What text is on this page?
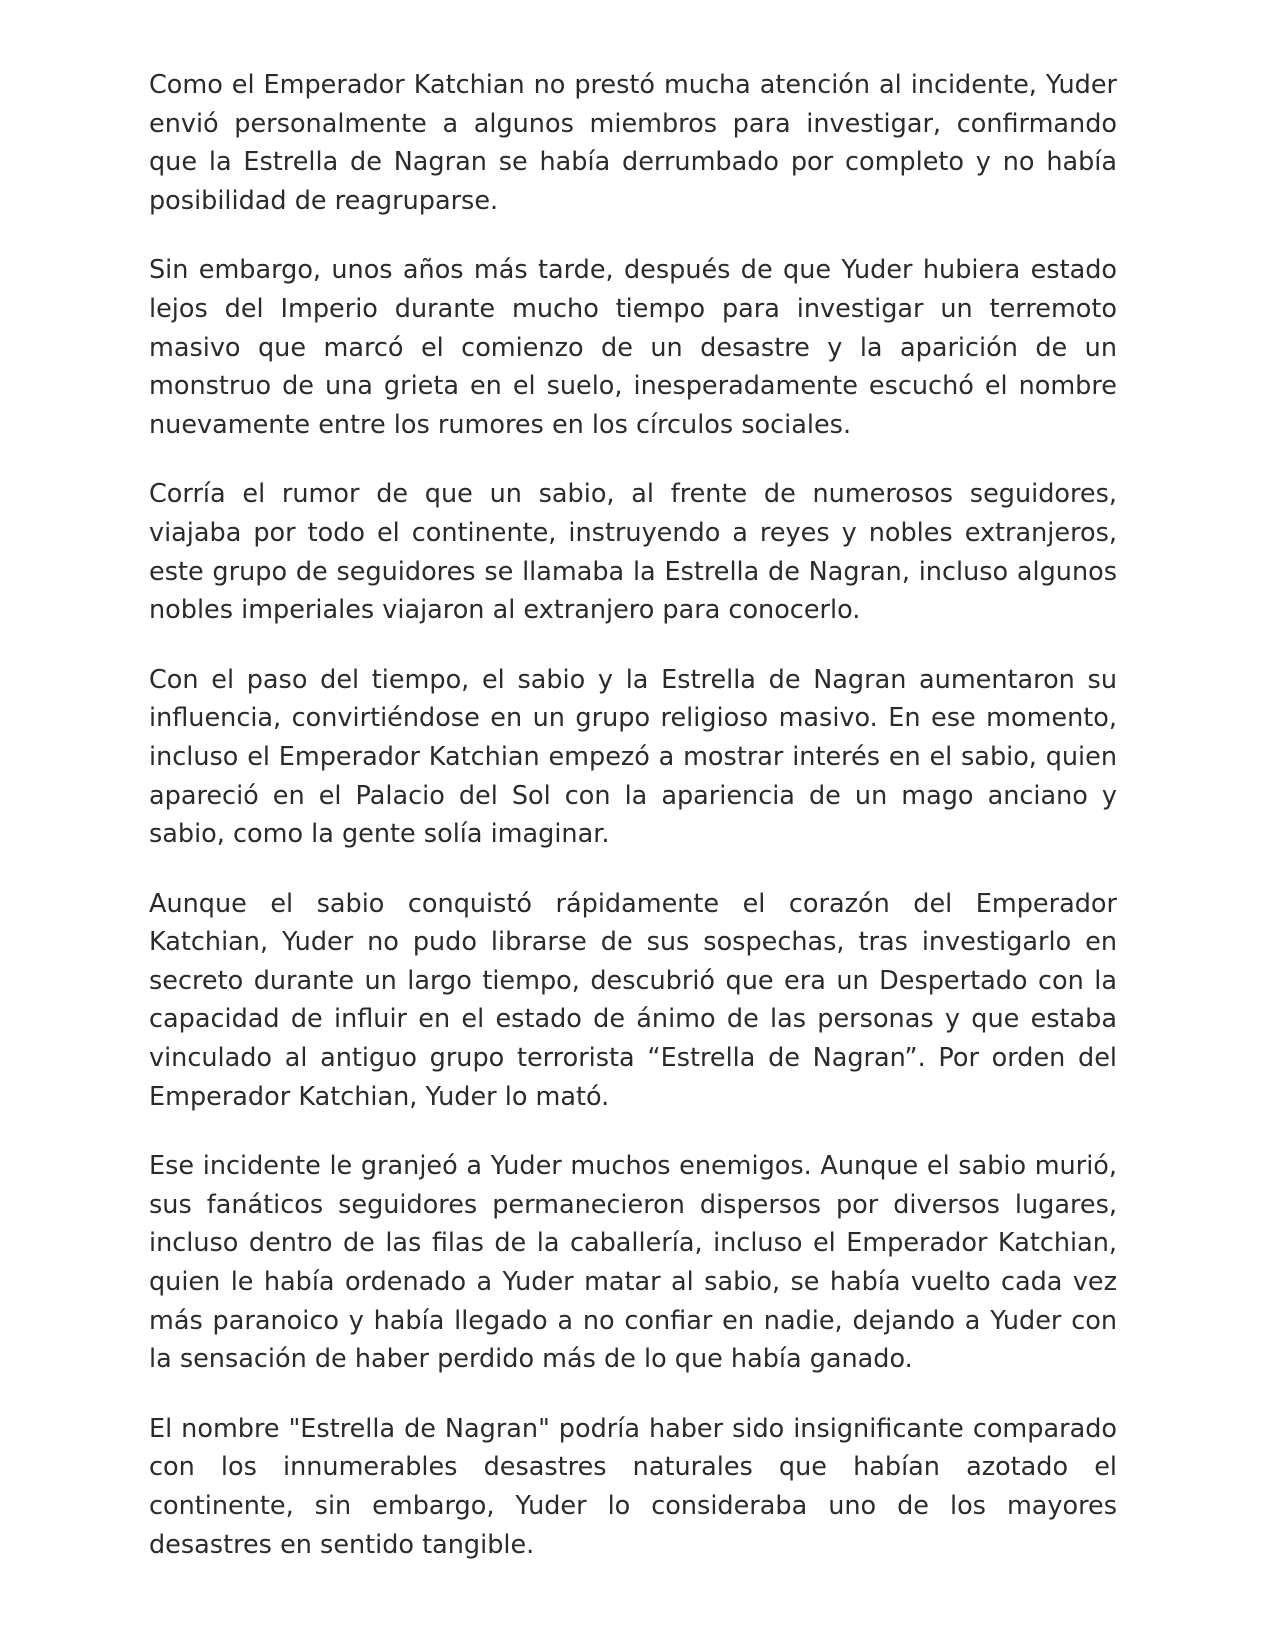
Como el Emperador Katchian no prestó mucha atención al incidente, Yuder envió personalmente a algunos miembros para investigar, confirmando que la Estrella de Nagran se había derrumbado por completo y no había posibilidad de reagruparse.

Sin embargo, unos años más tarde, después de que Yuder hubiera estado lejos del Imperio durante mucho tiempo para investigar un terremoto masivo que marcó el comienzo de un desastre y la aparición de un monstruo de una grieta en el suelo, inesperadamente escuchó el nombre nuevamente entre los rumores en los círculos sociales.

Corría el rumor de que un sabio, al frente de numerosos seguidores, viajaba por todo el continente, instruyendo a reyes y nobles extranjeros, este grupo de seguidores se llamaba la Estrella de Nagran, incluso algunos nobles imperiales viajaron al extranjero para conocerlo.

Con el paso del tiempo, el sabio y la Estrella de Nagran aumentaron su influencia, convirtiéndose en un grupo religioso masivo. En ese momento, incluso el Emperador Katchian empezó a mostrar interés en el sabio, quien apareció en el Palacio del Sol con la apariencia de un mago anciano y sabio, como la gente solía imaginar.

Aunque el sabio conquistó rápidamente el corazón del Emperador Katchian, Yuder no pudo librarse de sus sospechas, tras investigarlo en secreto durante un largo tiempo, descubrió que era un Despertado con la capacidad de influir en el estado de ánimo de las personas y que estaba vinculado al antiguo grupo terrorista “Estrella de Nagran”. Por orden del Emperador Katchian, Yuder lo mató.

Ese incidente le granjeó a Yuder muchos enemigos. Aunque el sabio murió, sus fanáticos seguidores permanecieron dispersos por diversos lugares, incluso dentro de las filas de la caballería, incluso el Emperador Katchian, quien le había ordenado a Yuder matar al sabio, se había vuelto cada vez más paranoico y había llegado a no confiar en nadie, dejando a Yuder con la sensación de haber perdido más de lo que había ganado.

El nombre "Estrella de Nagran" podría haber sido insignificante comparado con los innumerables desastres naturales que habían azotado el continente, sin embargo, Yuder lo consideraba uno de los mayores desastres en sentido tangible.
